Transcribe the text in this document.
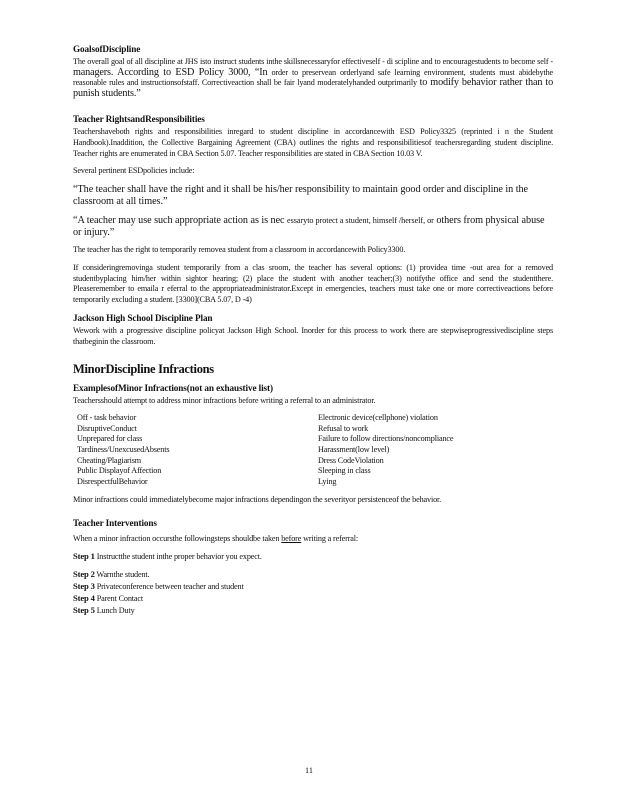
GoalsofDiscipline
The overall goal of all discipline at JHS isto instruct students inthe skillsnecessaryfor effectiveself - di scipline and to encouragestudents to become self - managers. According to ESD Policy 3000, “In order to preservean orderlyand safe learning environment, students must abidebythe reasonable rules and instructionsofstaff. Correctiveaction shall be fair lyand moderatelyhanded outprimarily to modify behavior rather than to punish students.”
Teacher RightsandResponsibilities
Teachershaveboth rights and responsibilities inregard to student discipline in accordancewith ESD Policy3325 (reprinted i n the Student Handbook).Inaddition, the Collective Bargaining Agreement (CBA) outlines the rights and responsibilitiesof teachersregarding student discipline. Teacher rights are enumerated in CBA Section 5.07. Teacher responsibilities are stated in CBA Section 10.03 V.
Several pertinent ESDpolicies include:
“The teacher shall have the right and it shall be his/her responsibility to maintain good order and discipline in the classroom at all times.”
“A teacher may use such appropriate action as is nec essaryto protect a student, himself /herself, or others from physical abuse or injury.”
The teacher has the right to temporarily removea student from a classroom in accordancewith Policy3300.
If consideringremovinga student temporarily from a clas sroom, the teacher has several options: (1) providea time -out area for a removed studentbyplacing him/her within sightor hearing; (2) place the student with another teacher;(3) notifythe office and send the studentthere. Pleaseremember to emaila r eferral to the appropriateadministrator.Except in emergencies, teachers must take one or more correctiveactions before temporarily excluding a student. [3300](CBA 5.07, D -4)
Jackson High School Discipline Plan
Wework with a progressive discipline policyat Jackson High School. Inorder for this process to work there are stepwiseprogressivediscipline steps thatbeginin the classroom.
MinorDiscipline Infractions
ExamplesofMinor Infractions(not an exhaustive list)
Teachersshould attempt to address minor infractions before writing a referral to an administrator.
Off - task behavior
DisruptiveConduct
Unprepared for class
Tardiness/UnexcusedAbsents
Cheating/Plagiarism
Public Displayof Affection
DisrespectfulBehavior
Electronic device(cellphone) violation
Refusal to work
Failure to follow directions/noncompliance
Harassment(low level)
Dress CodeViolation
Sleeping in class
Lying
Minor infractions could immediatelybecome major infractions dependingon the severityor persistenceof the behavior.
Teacher Interventions
When a minor infraction occursthe followingsteps shouldbe taken before writing a referral:
Step 1 Instructthe student inthe proper behavior you expect.
Step 2 Warnthe student.
Step 3 Privateconference between teacher and student
Step 4 Parent Contact
Step 5 Lunch Duty
11
